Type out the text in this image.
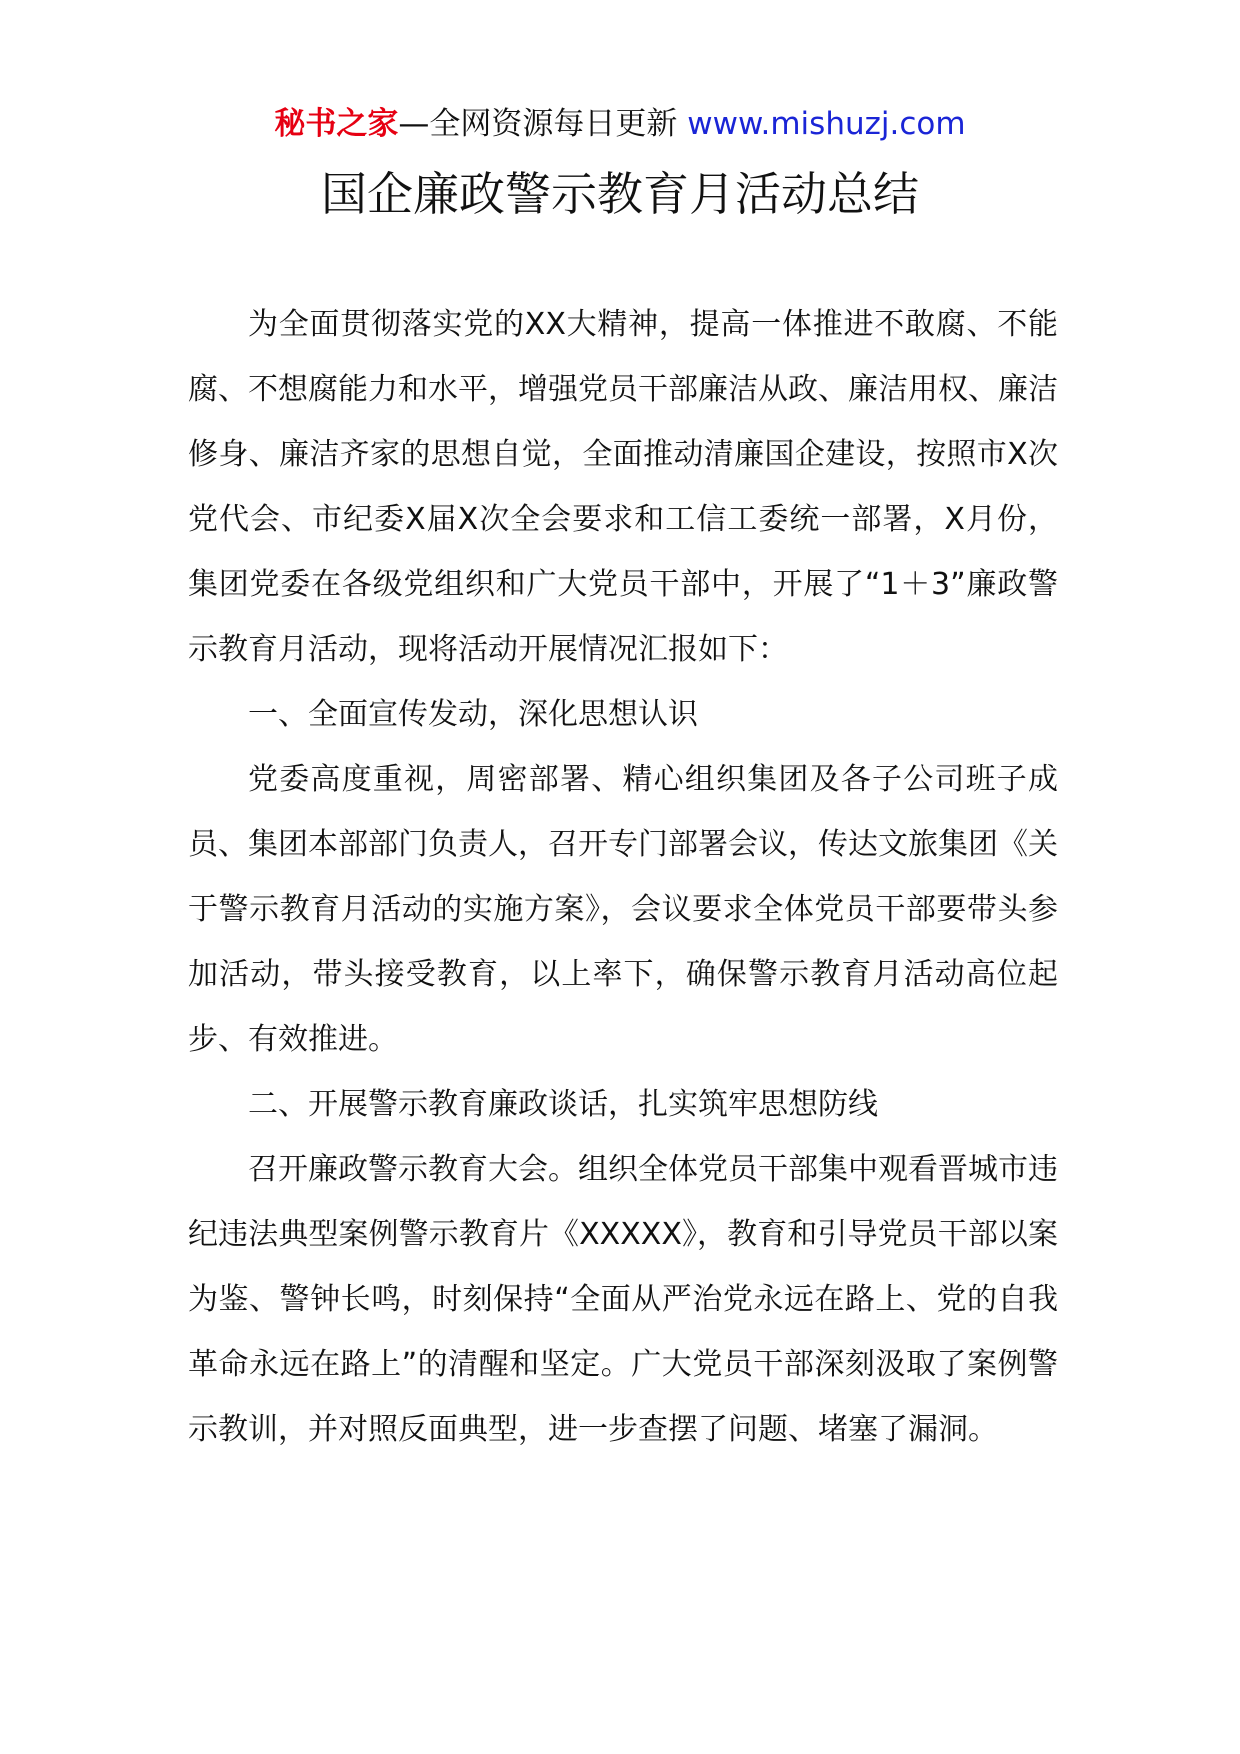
秘书之家—全网资源每日更新 www.mishuzj.com
国企廉政警示教育月活动总结

为全面贯彻落实党的XX大精神，提高一体推进不敢腐、不能腐、不想腐能力和水平，增强党员干部廉洁从政、廉洁用权、廉洁修身、廉洁齐家的思想自觉，全面推动清廉国企建设，按照市X次党代会、市纪委X届X次全会要求和工信工委统一部署，X月份，集团党委在各级党组织和广大党员干部中，开展了“1＋3”廉政警示教育月活动，现将活动开展情况汇报如下：

一、全面宣传发动，深化思想认识

党委高度重视，周密部署、精心组织集团及各子公司班子成员、集团本部部门负责人，召开专门部署会议，传达文旅集团《关于警示教育月活动的实施方案》，会议要求全体党员干部要带头参加活动，带头接受教育，以上率下，确保警示教育月活动高位起步、有效推进。

二、开展警示教育廉政谈话，扎实筑牢思想防线

召开廉政警示教育大会。组织全体党员干部集中观看晋城市违纪违法典型案例警示教育片《XXXXX》，教育和引导党员干部以案为鉴、警钟长鸣，时刻保持“全面从严治党永远在路上、党的自我革命永远在路上”的清醒和坚定。广大党员干部深刻汲取了案例警示教训，并对照反面典型，进一步查摆了问题、堵塞了漏洞。
